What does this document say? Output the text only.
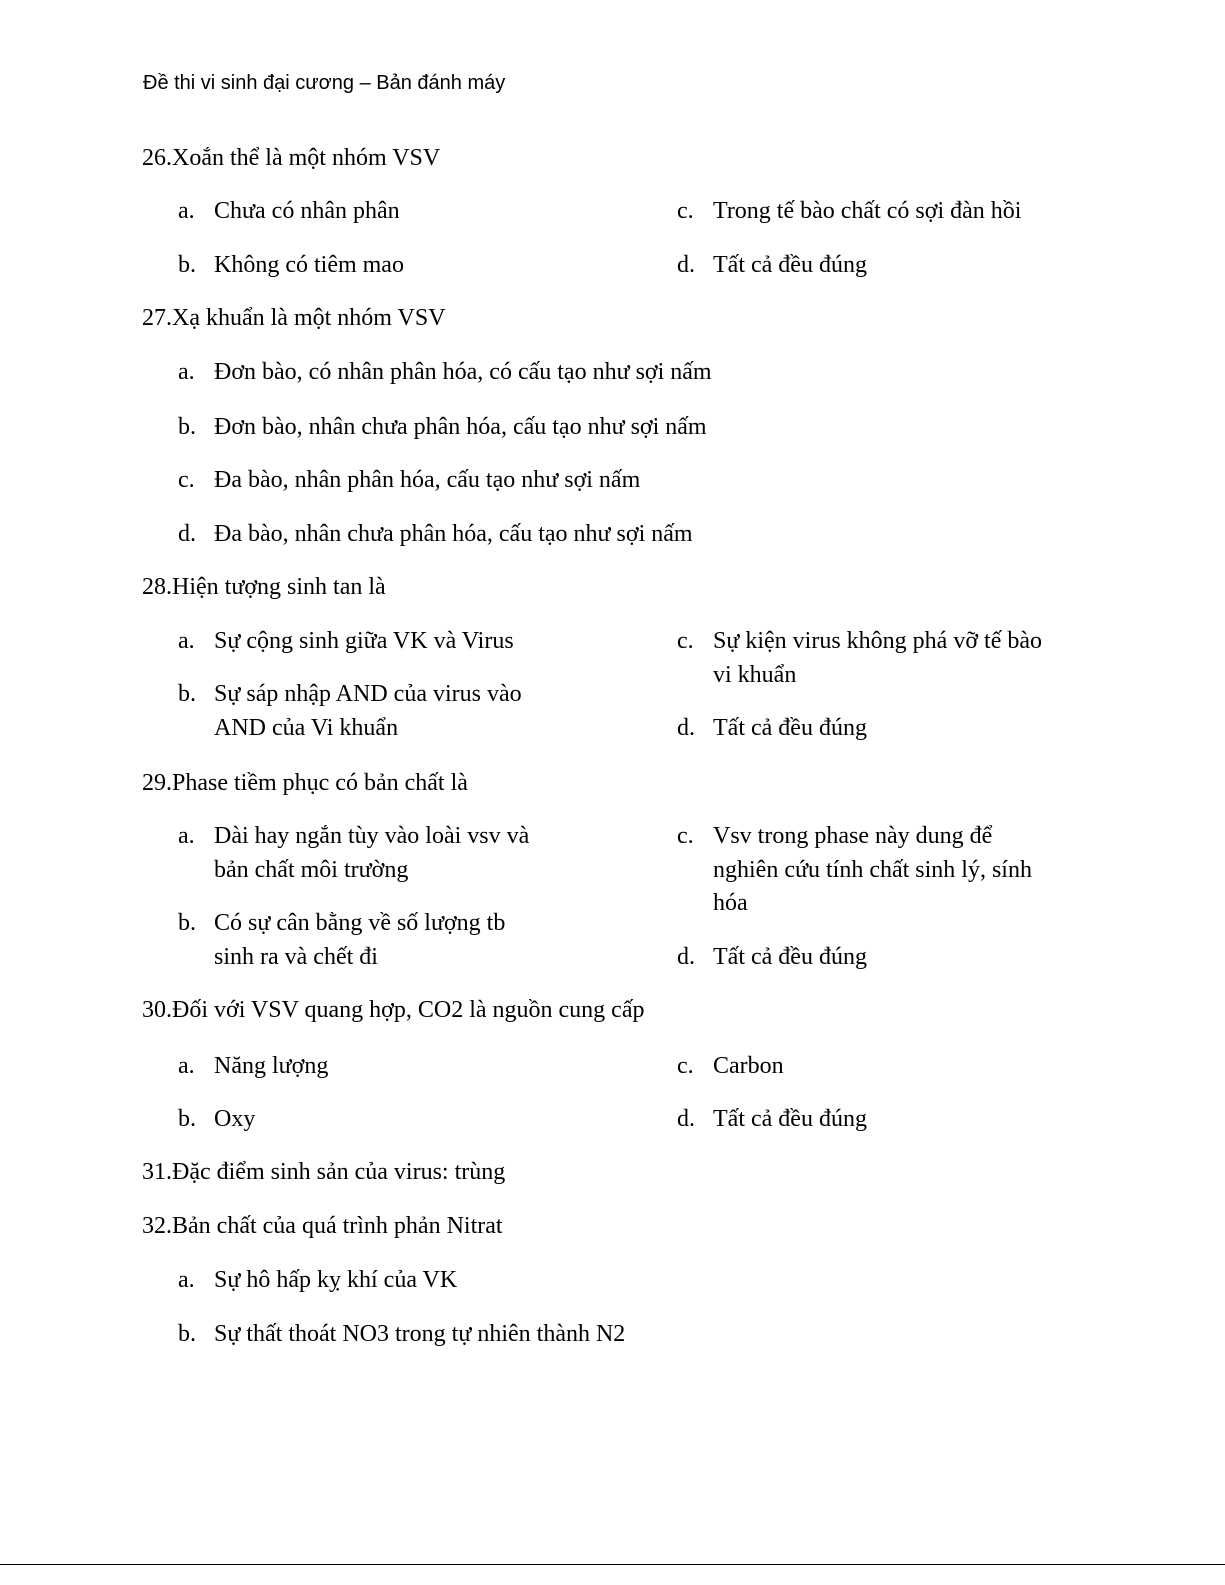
Đề thi vi sinh đại cương – Bản đánh máy
26.Xoắn thể là một nhóm VSV
a. Chưa có nhân phân
b. Không có tiêm mao
c. Trong tế bào chất có sợi đàn hồi
d. Tất cả đều đúng
27.Xạ khuẩn là một nhóm VSV
a. Đơn bào, có nhân phân hóa, có cấu tạo như sợi nấm
b. Đơn bào, nhân chưa phân hóa, cấu tạo như sợi nấm
c. Đa bào, nhân phân hóa, cấu tạo như sợi nấm
d. Đa bào, nhân chưa phân hóa, cấu tạo như sợi nấm
28.Hiện tượng sinh tan là
a. Sự cộng sinh giữa VK và Virus
b. Sự sáp nhập AND của virus vào
AND của Vi khuẩn
c. Sự kiện virus không phá vỡ tế bào
vi khuẩn
d. Tất cả đều đúng
29.Phase tiềm phục có bản chất là
a. Dài hay ngắn tùy vào loài vsv và
bản chất môi trường
b. Có sự cân bằng về số lượng tb
sinh ra và chết đi
c. Vsv trong phase này dung để
nghiên cứu tính chất sinh lý, sính
hóa
d. Tất cả đều đúng
30.Đối với VSV quang hợp, CO2 là nguồn cung cấp
a. Năng lượng
b. Oxy
c. Carbon
d. Tất cả đều đúng
31.Đặc điểm sinh sản của virus: trùng
32.Bản chất của quá trình phản Nitrat
a. Sự hô hấp kỵ khí của VK
b. Sự thất thoát NO3 trong tự nhiên thành N2
